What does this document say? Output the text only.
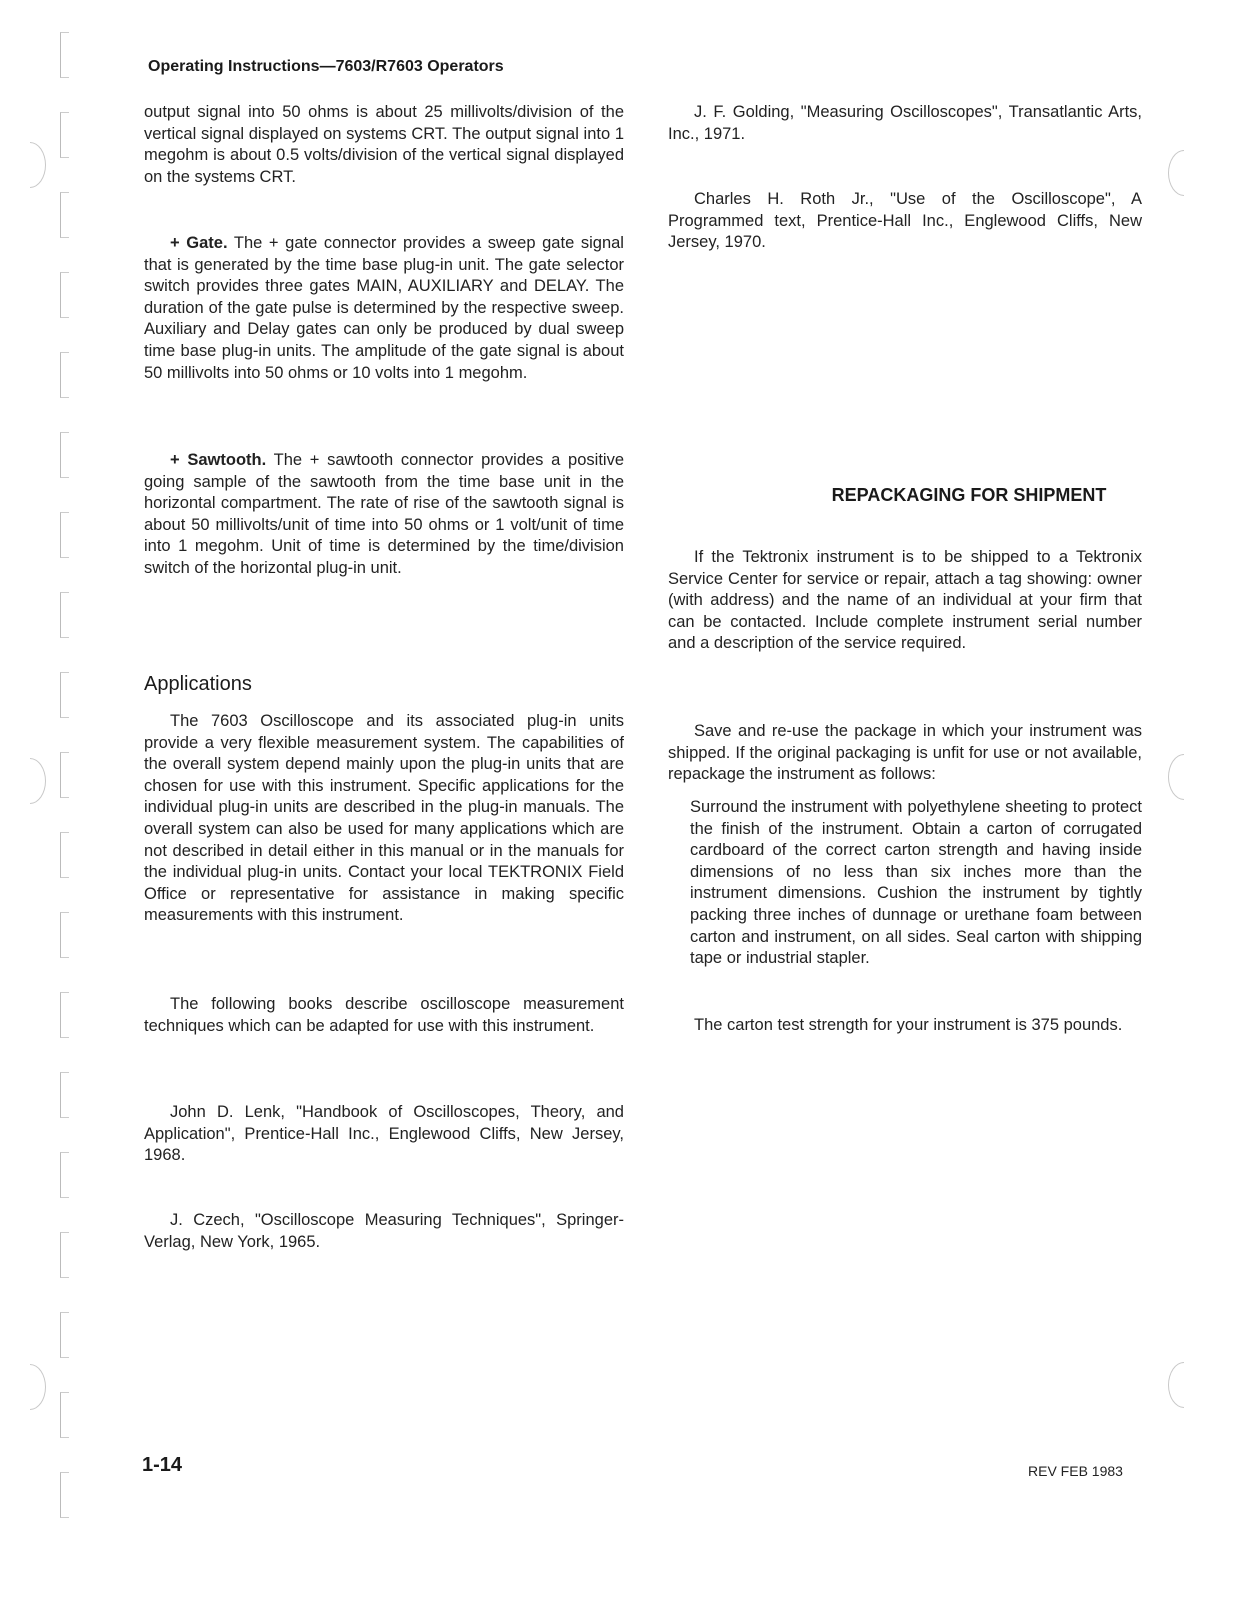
Operating Instructions—7603/R7603 Operators

output signal into 50 ohms is about 25 millivolts/division of the vertical signal displayed on systems CRT. The output signal into 1 megohm is about 0.5 volts/division of the vertical signal displayed on the systems CRT.

+ Gate. The + gate connector provides a sweep gate signal that is generated by the time base plug-in unit. The gate selector switch provides three gates MAIN, AUXILIARY and DELAY. The duration of the gate pulse is determined by the respective sweep. Auxiliary and Delay gates can only be produced by dual sweep time base plug-in units. The amplitude of the gate signal is about 50 millivolts into 50 ohms or 10 volts into 1 megohm.

+ Sawtooth. The + sawtooth connector provides a positive going sample of the sawtooth from the time base unit in the horizontal compartment. The rate of rise of the sawtooth signal is about 50 millivolts/unit of time into 50 ohms or 1 volt/unit of time into 1 megohm. Unit of time is determined by the time/division switch of the horizontal plug-in unit.

Applications

The 7603 Oscilloscope and its associated plug-in units provide a very flexible measurement system. The capabilities of the overall system depend mainly upon the plug-in units that are chosen for use with this instrument. Specific applications for the individual plug-in units are described in the plug-in manuals. The overall system can also be used for many applications which are not described in detail either in this manual or in the manuals for the individual plug-in units. Contact your local TEKTRONIX Field Office or representative for assistance in making specific measurements with this instrument.

The following books describe oscilloscope measurement techniques which can be adapted for use with this instrument.

John D. Lenk, "Handbook of Oscilloscopes, Theory, and Application", Prentice-Hall Inc., Englewood Cliffs, New Jersey, 1968.

J. Czech, "Oscilloscope Measuring Techniques", Springer-Verlag, New York, 1965.

J. F. Golding, "Measuring Oscilloscopes", Transatlantic Arts, Inc., 1971.

Charles H. Roth Jr., "Use of the Oscilloscope", A Programmed text, Prentice-Hall Inc., Englewood Cliffs, New Jersey, 1970.

REPACKAGING FOR SHIPMENT

If the Tektronix instrument is to be shipped to a Tektronix Service Center for service or repair, attach a tag showing: owner (with address) and the name of an individual at your firm that can be contacted. Include complete instrument serial number and a description of the service required.

Save and re-use the package in which your instrument was shipped. If the original packaging is unfit for use or not available, repackage the instrument as follows:

Surround the instrument with polyethylene sheeting to protect the finish of the instrument. Obtain a carton of corrugated cardboard of the correct carton strength and having inside dimensions of no less than six inches more than the instrument dimensions. Cushion the instrument by tightly packing three inches of dunnage or urethane foam between carton and instrument, on all sides. Seal carton with shipping tape or industrial stapler.

The carton test strength for your instrument is 375 pounds.

1-14	REV FEB 1983
